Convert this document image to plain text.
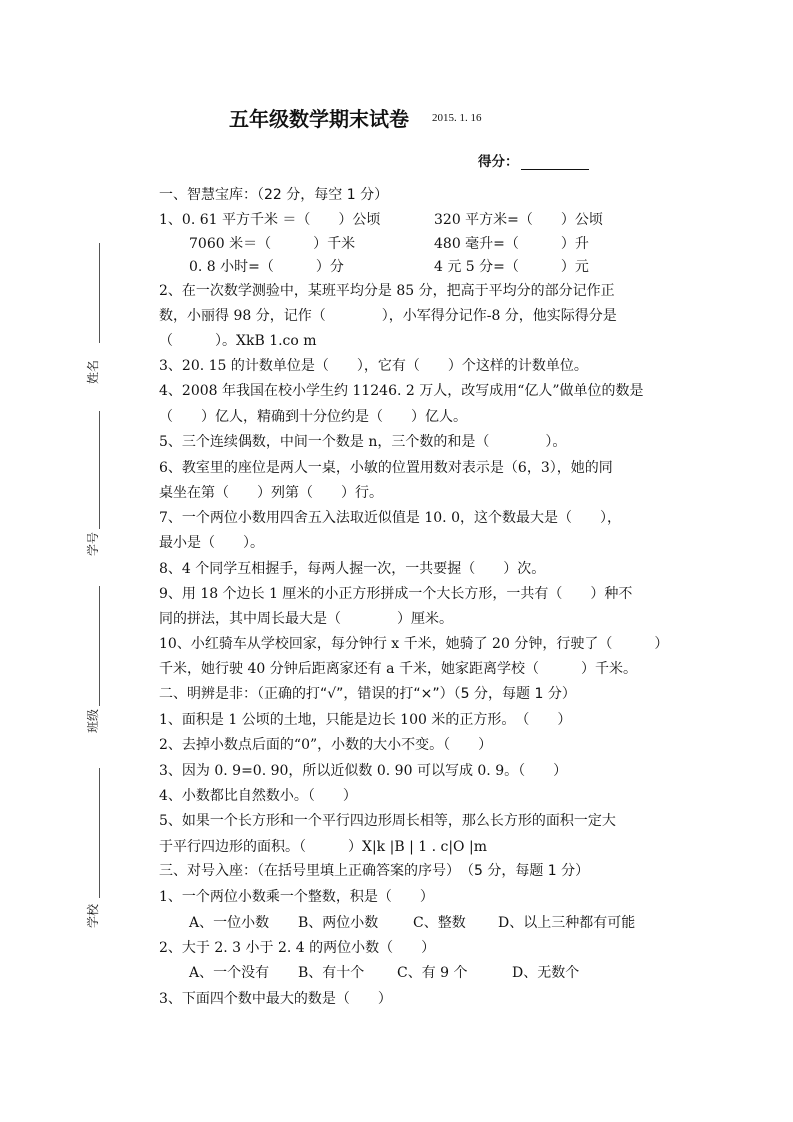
五年级数学期末试卷 2015. 1. 16
得分：
姓名
学号
班级
学校
一、智慧宝库：（22 分，每空 1 分）
1、0. 61 平方千米 ＝（　　）公顷	320 平方米=（　　）公顷
7060 米＝（　　　）千米	480 毫升=（　　　）升
0. 8 小时=（　　　）分	4 元 5 分=（　　　）元
2、在一次数学测验中，某班平均分是 85 分，把高于平均分的部分记作正
数，小丽得 98 分，记作（　　　　），小军得分记作-8 分，他实际得分是
（　　　）。XkB 1.co m
3、20. 15 的计数单位是（　　），它有（　　）个这样的计数单位。
4、2008 年我国在校小学生约 11246. 2 万人，改写成用“亿人”做单位的数是
（　　）亿人，精确到十分位约是（　　）亿人。
5、三个连续偶数，中间一个数是 n，三个数的和是（　　　　）。
6、教室里的座位是两人一桌，小敏的位置用数对表示是（6，3），她的同
桌坐在第（　　）列第（　　）行。
7、一个两位小数用四舍五入法取近似值是 10. 0，这个数最大是（　　），
最小是（　　）。
8、4 个同学互相握手，每两人握一次，一共要握（　　）次。
9、用 18 个边长 1 厘米的小正方形拼成一个大长方形，一共有（　　）种不
同的拼法，其中周长最大是（　　　　）厘米。
10、小红骑车从学校回家，每分钟行 x 千米，她骑了 20 分钟，行驶了（　　　）
千米，她行驶 40 分钟后距离家还有 a 千米，她家距离学校（　　　）千米。
二、明辨是非：（正确的打“√”，错误的打“×”）（5 分，每题 1 分）
1、面积是 1 公顷的土地，只能是边长 100 米的正方形。　（　　）
2、去掉小数点后面的“0”，小数的大小不变。（　　）
3、因为 0. 9=0. 90，所以近似数 0. 90 可以写成 0. 9。（　　）
4、小数都比自然数小。（　　）
5、如果一个长方形和一个平行四边形周长相等，那么长方形的面积一定大
于平行四边形的面积。（　　　）X|k |B | 1 . c|O |m
三、对号入座：（在括号里填上正确答案的序号）　（5 分，每题 1 分）
1、一个两位小数乘一个整数，积是（　　）
A、一位小数 B、两位小数 C、整数 D、以上三种都有可能
2、大于 2. 3 小于 2. 4 的两位小数（　　）
A、一个没有 B、有十个 C、有 9 个	D、无数个
3、下面四个数中最大的数是（　　）
